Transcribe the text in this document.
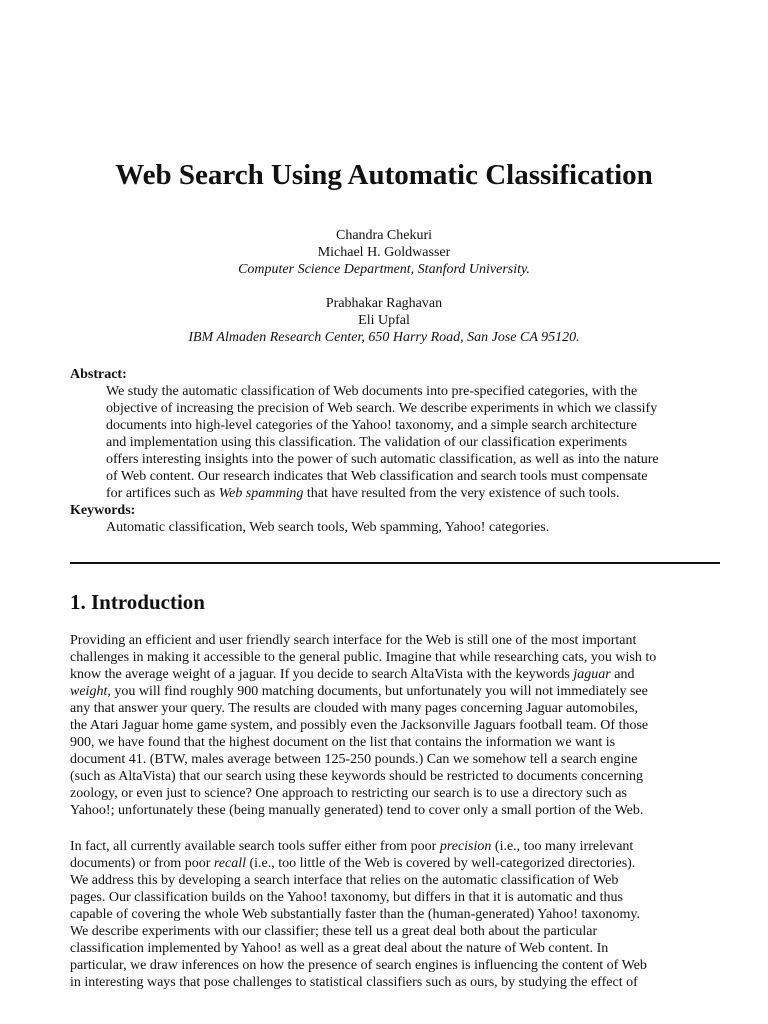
Web Search Using Automatic Classification
Chandra Chekuri
Michael H. Goldwasser
Computer Science Department, Stanford University.
Prabhakar Raghavan
Eli Upfal
IBM Almaden Research Center, 650 Harry Road, San Jose CA 95120.
Abstract:
We study the automatic classification of Web documents into pre-specified categories, with the
objective of increasing the precision of Web search. We describe experiments in which we classify
documents into high-level categories of the Yahoo! taxonomy, and a simple search architecture
and implementation using this classification. The validation of our classification experiments
offers interesting insights into the power of such automatic classification, as well as into the nature
of Web content. Our research indicates that Web classification and search tools must compensate
for artifices such as Web spamming that have resulted from the very existence of such tools.
Keywords:
Automatic classification, Web search tools, Web spamming, Yahoo! categories.
1. Introduction
Providing an efficient and user friendly search interface for the Web is still one of the most important
challenges in making it accessible to the general public. Imagine that while researching cats, you wish to
know the average weight of a jaguar. If you decide to search AltaVista with the keywords jaguar and
weight, you will find roughly 900 matching documents, but unfortunately you will not immediately see
any that answer your query. The results are clouded with many pages concerning Jaguar automobiles,
the Atari Jaguar home game system, and possibly even the Jacksonville Jaguars football team. Of those
900, we have found that the highest document on the list that contains the information we want is
document 41. (BTW, males average between 125-250 pounds.) Can we somehow tell a search engine
(such as AltaVista) that our search using these keywords should be restricted to documents concerning
zoology, or even just to science? One approach to restricting our search is to use a directory such as
Yahoo!; unfortunately these (being manually generated) tend to cover only a small portion of the Web.
In fact, all currently available search tools suffer either from poor precision (i.e., too many irrelevant
documents) or from poor recall (i.e., too little of the Web is covered by well-categorized directories).
We address this by developing a search interface that relies on the automatic classification of Web
pages. Our classification builds on the Yahoo! taxonomy, but differs in that it is automatic and thus
capable of covering the whole Web substantially faster than the (human-generated) Yahoo! taxonomy.
We describe experiments with our classifier; these tell us a great deal both about the particular
classification implemented by Yahoo! as well as a great deal about the nature of Web content. In
particular, we draw inferences on how the presence of search engines is influencing the content of Web
in interesting ways that pose challenges to statistical classifiers such as ours, by studying the effect of
